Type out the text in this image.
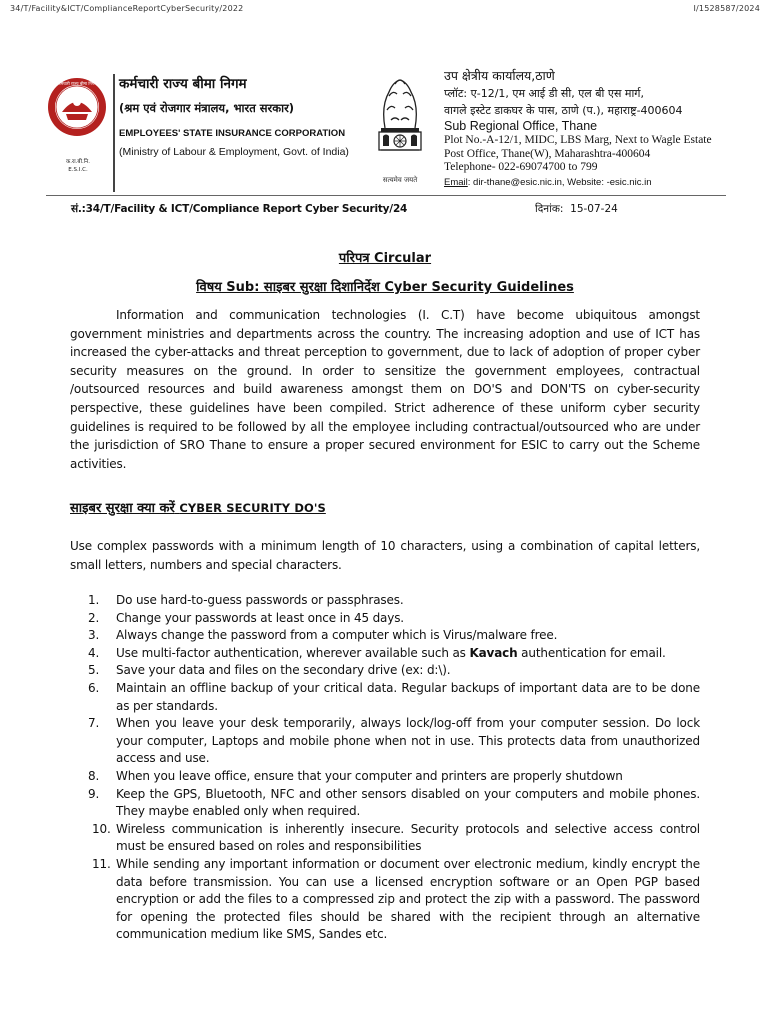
34/T/Facility&ICT/ComplianceReportCyberSecurity/2022	I/1528587/2024
कर्मचारी राज्य बीमा निगम
क.रा.बी.नि.
E.S.I.C.
कर्मचारी राज्य बीमा निगम
(श्रम एवं रोजगार मंत्रालय, भारत सरकार)
EMPLOYEES' STATE INSURANCE CORPORATION
(Ministry of Labour & Employment, Govt. of India)
सत्यमेव जयते
उप क्षेत्रीय कार्यालय,ठाणे
प्लॉट: ए-12/1, एम आई डी सी, एल बी एस मार्ग,
वागले इस्टेट डाकघर के पास, ठाणे (प.), महाराष्ट्र-400604
Sub Regional Office, Thane
Plot No.-A-12/1, MIDC, LBS Marg, Next to Wagle Estate
Post Office, Thane(W), Maharashtra-400604
Telephone- 022-69074700 to 799
Email: dir-thane@esic.nic.in, Website: -esic.nic.in
सं.:34/T/Facility & ICT/Compliance Report Cyber Security/24	दिनांक: 15-07-24
परिपत्र Circular
विषय Sub: साइबर सुरक्षा दिशानिर्देश Cyber Security Guidelines

Information and communication technologies (I. C.T) have become ubiquitous amongst government ministries and departments across the country. The increasing adoption and use of ICT has increased the cyber-attacks and threat perception to government, due to lack of adoption of proper cyber security measures on the ground. In order to sensitize the government employees, contractual /outsourced resources and build awareness amongst them on DO'S and DON'TS on cyber-security perspective, these guidelines have been compiled. Strict adherence of these uniform cyber security guidelines is required to be followed by all the employee including contractual/outsourced who are under the jurisdiction of SRO Thane to ensure a proper secured environment for ESIC to carry out the Scheme activities.

साइबर सुरक्षा क्या करें CYBER SECURITY DO'S

Use complex passwords with a minimum length of 10 characters, using a combination of capital letters, small letters, numbers and special characters.

1.	Do use hard-to-guess passwords or passphrases.
2.	Change your passwords at least once in 45 days.
3.	Always change the password from a computer which is Virus/malware free.
4.	Use multi-factor authentication, wherever available such as Kavach authentication for email.
5.	Save your data and files on the secondary drive (ex: d:\).
6.	Maintain an offline backup of your critical data. Regular backups of important data are to be done as per standards.
7.	When you leave your desk temporarily, always lock/log-off from your computer session. Do lock your computer, Laptops and mobile phone when not in use. This protects data from unauthorized access and use.
8.	When you leave office, ensure that your computer and printers are properly shutdown
9.	Keep the GPS, Bluetooth, NFC and other sensors disabled on your computers and mobile phones. They maybe enabled only when required.
10. Wireless communication is inherently insecure. Security protocols and selective access control must be ensured based on roles and responsibilities
11. While sending any important information or document over electronic medium, kindly encrypt the data before transmission. You can use a licensed encryption software or an Open PGP based encryption or add the files to a compressed zip and protect the zip with a password. The password for opening the protected files should be shared with the recipient through an alternative communication medium like SMS, Sandes etc.
